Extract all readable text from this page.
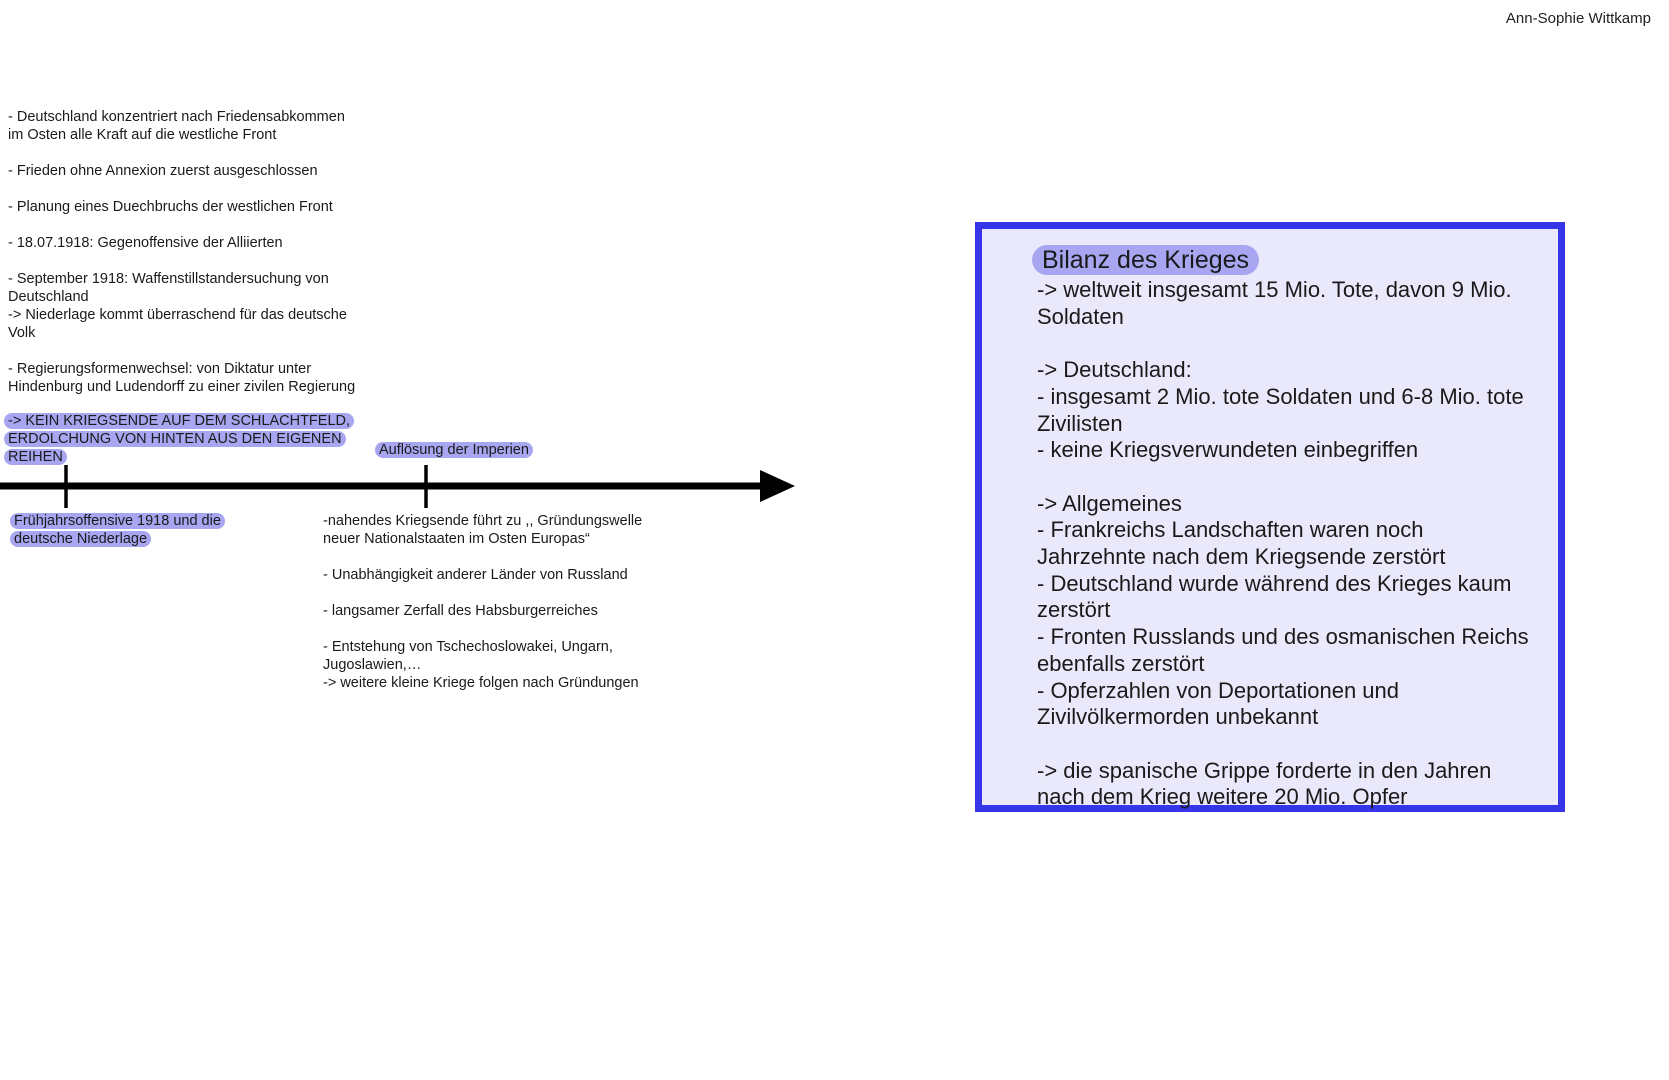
Ann-Sophie Wittkamp

- Deutschland konzentriert nach Friedensabkommen
im Osten alle Kraft auf die westliche Front

- Frieden ohne Annexion zuerst ausgeschlossen

- Planung eines Duechbruchs der westlichen Front

- 18.07.1918: Gegenoffensive der Alliierten

- September 1918: Waffenstillstandersuchung von
Deutschland
-> Niederlage kommt überraschend für das deutsche
Volk

- Regierungsformenwechsel: von Diktatur unter
Hindenburg und Ludendorff zu einer zivilen Regierung

-> KEIN KRIEGSENDE AUF DEM SCHLACHTFELD,
ERDOLCHUNG VON HINTEN AUS DEN EIGENEN
REIHEN	Auflösung der Imperien
Frühjahrsoffensive 1918 und die
deutsche Niederlage

-nahendes Kriegsende führt zu ,, Gründungswelle
neuer Nationalstaaten im Osten Europas“

- Unabhängigkeit anderer Länder von Russland

- langsamer Zerfall des Habsburgerreiches

- Entstehung von Tschechoslowakei, Ungarn,
Jugoslawien,…
-> weitere kleine Kriege folgen nach Gründungen

Bilanz des Krieges
-> weltweit insgesamt 15 Mio. Tote, davon 9 Mio.
Soldaten
-> Deutschland:
- insgesamt 2 Mio. tote Soldaten und 6-8 Mio. tote
Zivilisten
- keine Kriegsverwundeten einbegriffen
-> Allgemeines
- Frankreichs Landschaften waren noch
Jahrzehnte nach dem Kriegsende zerstört
- Deutschland wurde während des Krieges kaum
zerstört
- Fronten Russlands und des osmanischen Reichs
ebenfalls zerstört
- Opferzahlen von Deportationen und
Zivilvölkermorden unbekannt
-> die spanische Grippe forderte in den Jahren
nach dem Krieg weitere 20 Mio. Opfer
